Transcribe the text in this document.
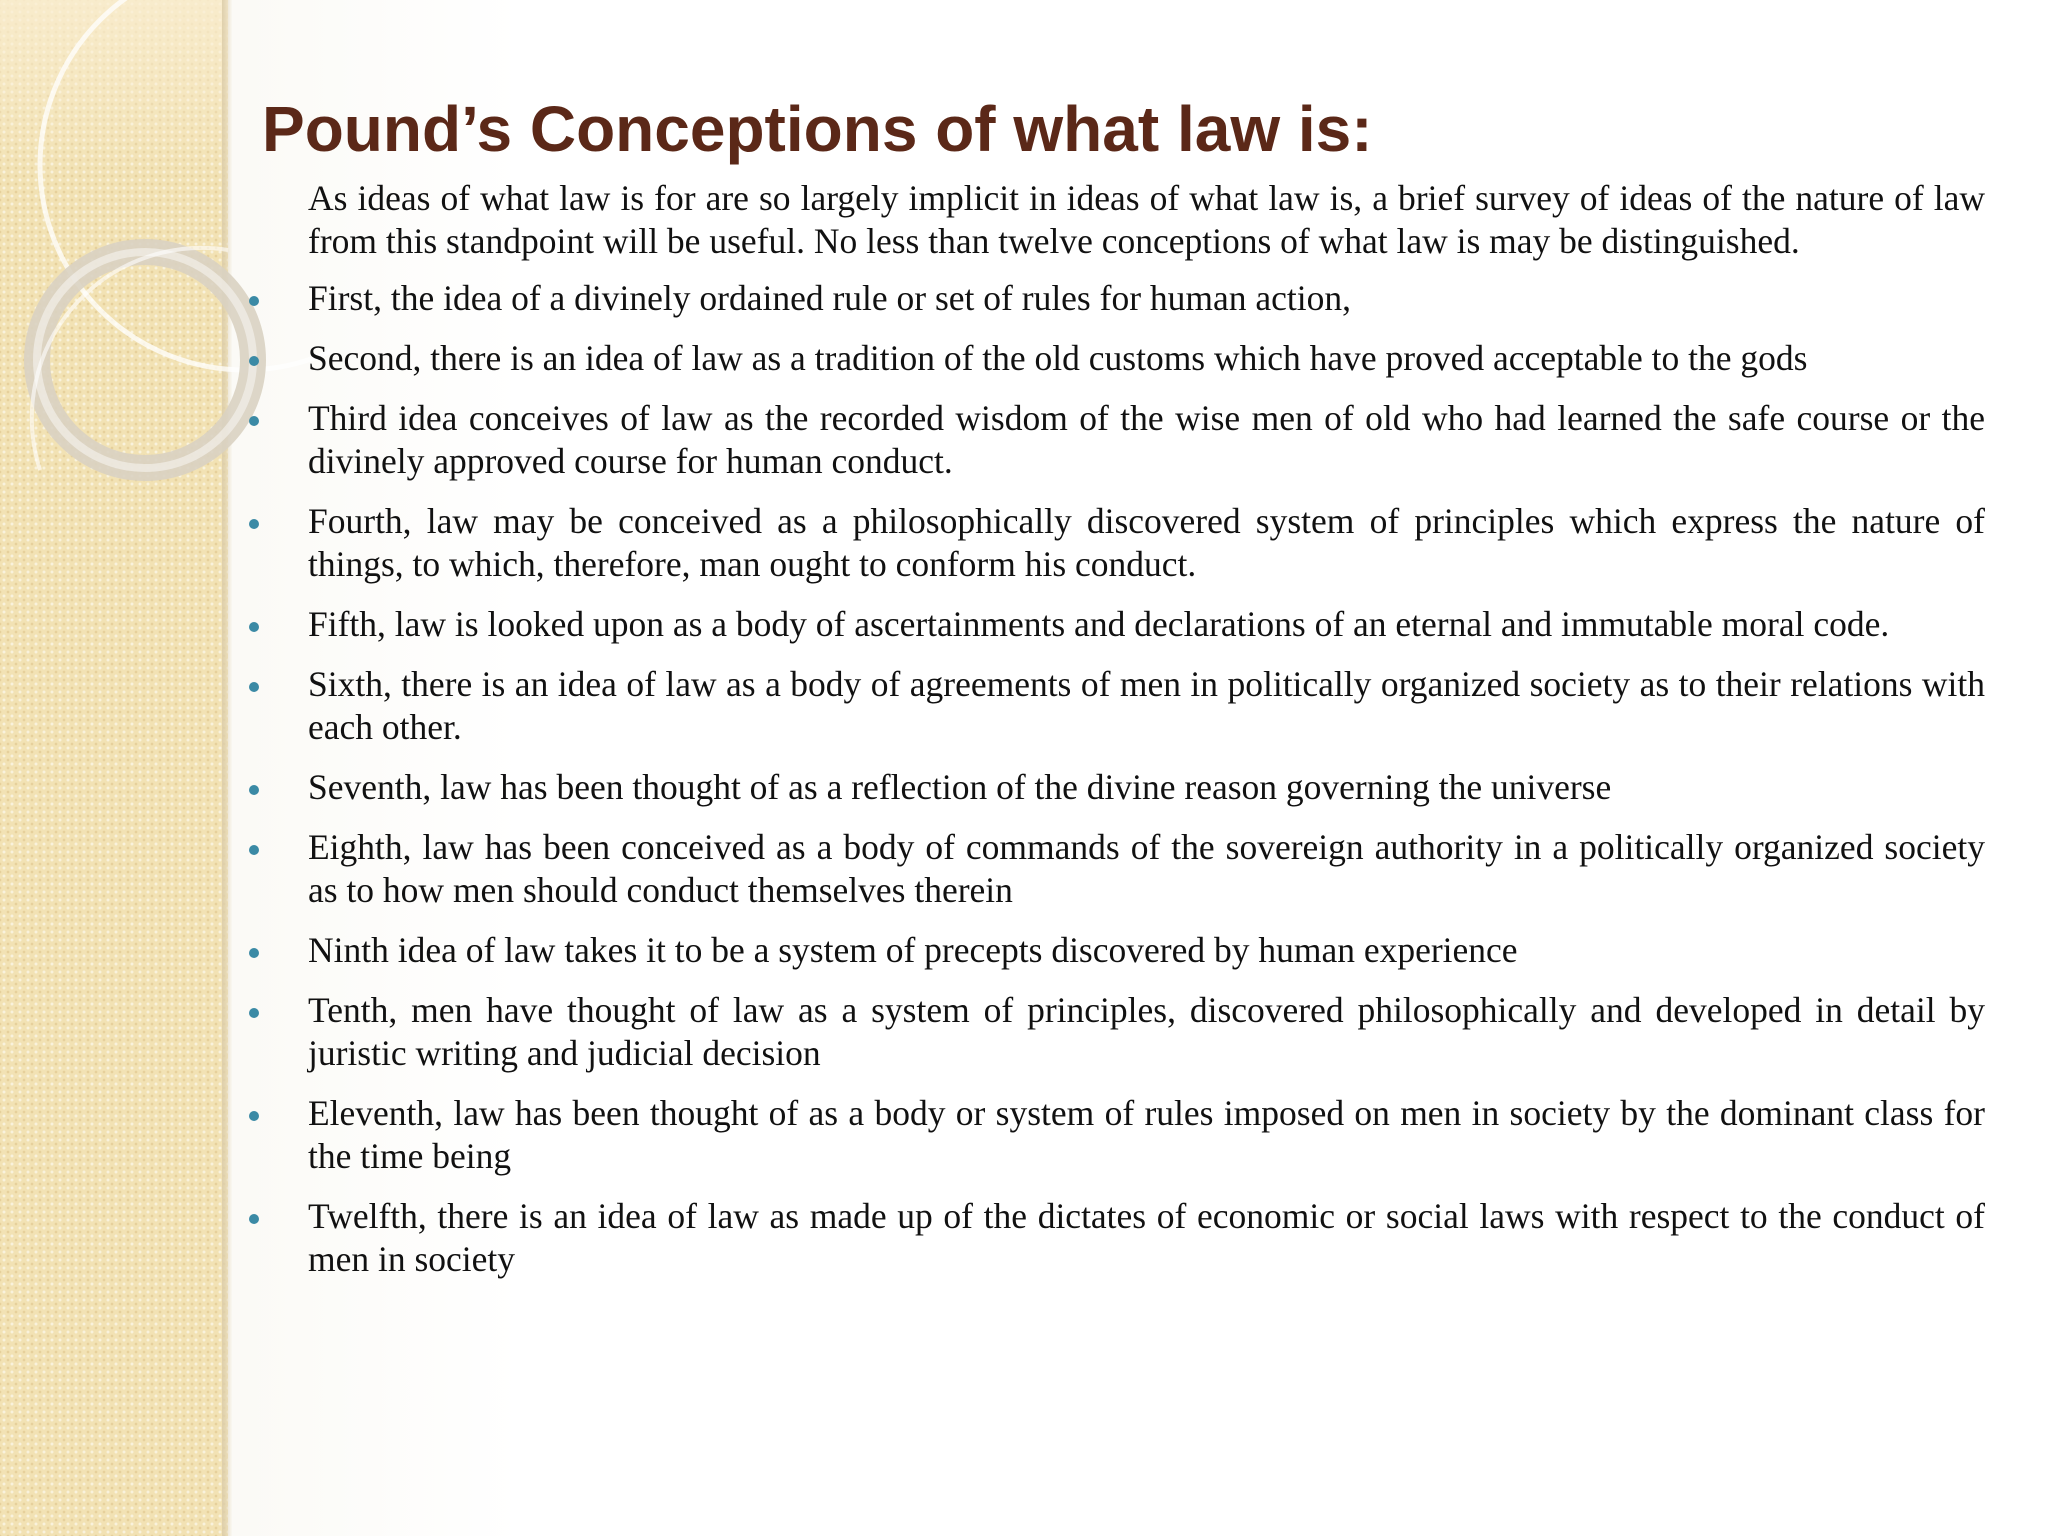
Pound’s Conceptions of what law is:

As ideas of what law is for are so largely implicit in ideas of what law is, a brief survey of ideas of the nature of law from this standpoint will be useful. No less than twelve conceptions of what law is may be distinguished.

First, the idea of a divinely ordained rule or set of rules for human action,
Second, there is an idea of law as a tradition of the old customs which have proved acceptable to the gods
Third idea conceives of law as the recorded wisdom of the wise men of old who had learned the safe course or the divinely approved course for human conduct.
Fourth, law may be conceived as a philosophically discovered system of principles which express the nature of things, to which, therefore, man ought to conform his conduct.
Fifth, law is looked upon as a body of ascertainments and declarations of an eternal and immutable moral code.
Sixth, there is an idea of law as a body of agreements of men in politically organized society as to their relations with each other.
Seventh, law has been thought of as a reflection of the divine reason governing the universe
Eighth, law has been conceived as a body of commands of the sovereign authority in a politically organized society as to how men should conduct themselves therein
Ninth idea of law takes it to be a system of precepts discovered by human experience
Tenth, men have thought of law as a system of principles, discovered philosophically and developed in detail by juristic writing and judicial decision
Eleventh, law has been thought of as a body or system of rules imposed on men in society by the dominant class for the time being
Twelfth, there is an idea of law as made up of the dictates of economic or social laws with respect to the conduct of men in society
